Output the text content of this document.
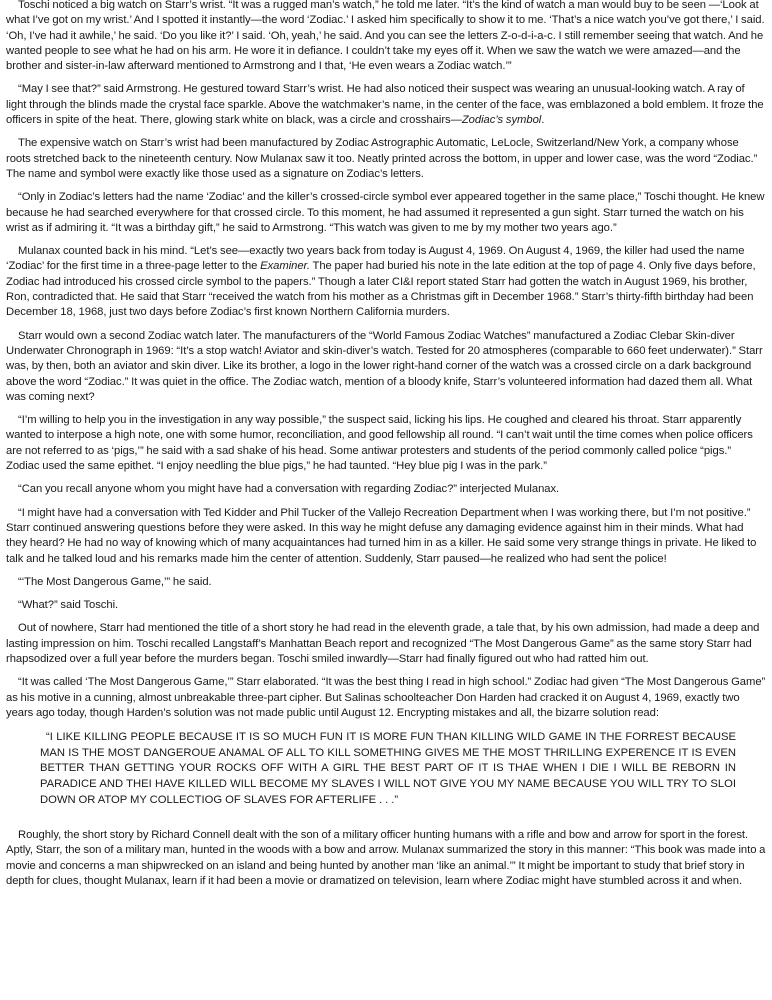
Toschi noticed a big watch on Starr’s wrist. “It was a rugged man’s watch,” he told me later. “It’s the kind of watch a man would buy to be seen —‘Look at what I’ve got on my wrist.’ And I spotted it instantly—the word ‘Zodiac.’ I asked him specifically to show it to me. ‘That’s a nice watch you’ve got there,’ I said. ‘Oh, I’ve had it awhile,’ he said. ‘Do you like it?’ I said. ‘Oh, yeah,’ he said. And you can see the letters Z-o-d-i-a-c. I still remember seeing that watch. And he wanted people to see what he had on his arm. He wore it in defiance. I couldn’t take my eyes off it. When we saw the watch we were amazed—and the brother and sister-in-law afterward mentioned to Armstrong and I that, ‘He even wears a Zodiac watch.’”

“May I see that?” said Armstrong. He gestured toward Starr’s wrist. He had also noticed their suspect was wearing an unusual-looking watch. A ray of light through the blinds made the crystal face sparkle. Above the watchmaker’s name, in the center of the face, was emblazoned a bold emblem. It froze the officers in spite of the heat. There, glowing stark white on black, was a circle and crosshairs—Zodiac’s symbol.

The expensive watch on Starr’s wrist had been manufactured by Zodiac Astrographic Automatic, LeLocle, Switzerland/New York, a company whose roots stretched back to the nineteenth century. Now Mulanax saw it too. Neatly printed across the bottom, in upper and lower case, was the word “Zodiac.” The name and symbol were exactly like those used as a signature on Zodiac’s letters.

“Only in Zodiac’s letters had the name ‘Zodiac’ and the killer’s crossed-circle symbol ever appeared together in the same place,” Toschi thought. He knew because he had searched everywhere for that crossed circle. To this moment, he had assumed it represented a gun sight. Starr turned the watch on his wrist as if admiring it. “It was a birthday gift,” he said to Armstrong. “This watch was given to me by my mother two years ago.”

Mulanax counted back in his mind. “Let’s see—exactly two years back from today is August 4, 1969. On August 4, 1969, the killer had used the name ‘Zodiac’ for the first time in a three-page letter to the Examiner. The paper had buried his note in the late edition at the top of page 4. Only five days before, Zodiac had introduced his crossed circle symbol to the papers.” Though a later CI&I report stated Starr had gotten the watch in August 1969, his brother, Ron, contradicted that. He said that Starr “received the watch from his mother as a Christmas gift in December 1968.” Starr’s thirty-fifth birthday had been December 18, 1968, just two days before Zodiac’s first known Northern California murders.

Starr would own a second Zodiac watch later. The manufacturers of the “World Famous Zodiac Watches” manufactured a Zodiac Clebar Skin-diver Underwater Chronograph in 1969: “It’s a stop watch! Aviator and skin-diver’s watch. Tested for 20 atmospheres (comparable to 660 feet underwater).” Starr was, by then, both an aviator and skin diver. Like its brother, a logo in the lower right-hand corner of the watch was a crossed circle on a dark background above the word “Zodiac.” It was quiet in the office. The Zodiac watch, mention of a bloody knife, Starr’s volunteered information had dazed them all. What was coming next?

“I’m willing to help you in the investigation in any way possible,” the suspect said, licking his lips. He coughed and cleared his throat. Starr apparently wanted to interpose a high note, one with some humor, reconciliation, and good fellowship all round. “I can’t wait until the time comes when police officers are not referred to as ‘pigs,’” he said with a sad shake of his head. Some antiwar protesters and students of the period commonly called police “pigs.” Zodiac used the same epithet. “I enjoy needling the blue pigs,” he had taunted. “Hey blue pig I was in the park.”

“Can you recall anyone whom you might have had a conversation with regarding Zodiac?” interjected Mulanax.

“I might have had a conversation with Ted Kidder and Phil Tucker of the Vallejo Recreation Department when I was working there, but I’m not positive.” Starr continued answering questions before they were asked. In this way he might defuse any damaging evidence against him in their minds. What had they heard? He had no way of knowing which of many acquaintances had turned him in as a killer. He said some very strange things in private. He liked to talk and he talked loud and his remarks made him the center of attention. Suddenly, Starr paused—he realized who had sent the police!

“‘The Most Dangerous Game,’” he said.

“What?” said Toschi.

Out of nowhere, Starr had mentioned the title of a short story he had read in the eleventh grade, a tale that, by his own admission, had made a deep and lasting impression on him. Toschi recalled Langstaff’s Manhattan Beach report and recognized “The Most Dangerous Game” as the same story Starr had rhapsodized over a full year before the murders began. Toschi smiled inwardly—Starr had finally figured out who had ratted him out.

“It was called ‘The Most Dangerous Game,’” Starr elaborated. “It was the best thing I read in high school.” Zodiac had given “The Most Dangerous Game” as his motive in a cunning, almost unbreakable three-part cipher. But Salinas schoolteacher Don Harden had cracked it on August 4, 1969, exactly two years ago today, though Harden’s solution was not made public until August 12. Encrypting mistakes and all, the bizarre solution read:

“I LIKE KILLING PEOPLE BECAUSE IT IS SO MUCH FUN IT IS MORE FUN THAN KILLING WILD GAME IN THE FORREST BECAUSE MAN IS THE MOST DANGEROUE ANAMAL OF ALL TO KILL SOMETHING GIVES ME THE MOST THRILLING EXPERENCE IT IS EVEN BETTER THAN GETTING YOUR ROCKS OFF WITH A GIRL THE BEST PART OF IT IS THAE WHEN I DIE I WILL BE REBORN IN PARADICE AND THEI HAVE KILLED WILL BECOME MY SLAVES I WILL NOT GIVE YOU MY NAME BECAUSE YOU WILL TRY TO SLOI DOWN OR ATOP MY COLLECTIOG OF SLAVES FOR AFTERLIFE . . .”

Roughly, the short story by Richard Connell dealt with the son of a military officer hunting humans with a rifle and bow and arrow for sport in the forest. Aptly, Starr, the son of a military man, hunted in the woods with a bow and arrow. Mulanax summarized the story in this manner: “This book was made into a movie and concerns a man shipwrecked on an island and being hunted by another man ‘like an animal.’” It might be important to study that brief story in depth for clues, thought Mulanax, learn if it had been a movie or dramatized on television, learn where Zodiac might have stumbled across it and when.
